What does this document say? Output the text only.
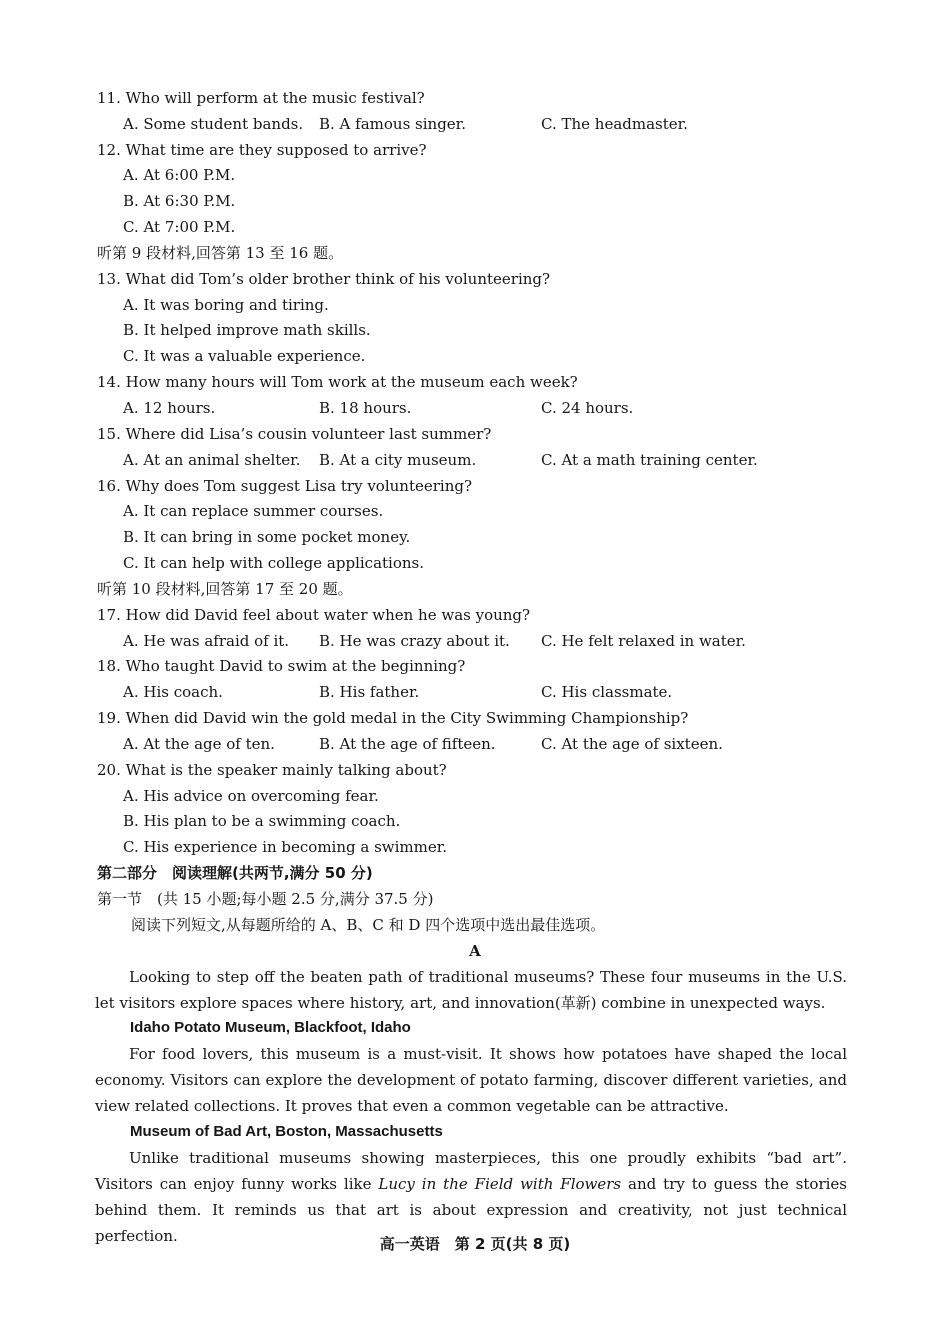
11. Who will perform at the music festival?
A. Some student bands. B. A famous singer.	C. The headmaster.
12. What time are they supposed to arrive?
A. At 6:00 P.M.
B. At 6:30 P.M.
C. At 7:00 P.M.
听第 9 段材料,回答第 13 至 16 题。
13. What did Tom’s older brother think of his volunteering?
A. It was boring and tiring.
B. It helped improve math skills.
C. It was a valuable experience.
14. How many hours will Tom work at the museum each week?
A. 12 hours.	B. 18 hours.	C. 24 hours.
15. Where did Lisa’s cousin volunteer last summer?
A. At an animal shelter. B. At a city museum.	C. At a math training center.
16. Why does Tom suggest Lisa try volunteering?
A. It can replace summer courses.
B. It can bring in some pocket money.
C. It can help with college applications.
听第 10 段材料,回答第 17 至 20 题。
17. How did David feel about water when he was young?
A. He was afraid of it. B. He was crazy about it. C. He felt relaxed in water.
18. Who taught David to swim at the beginning?
A. His coach.	B. His father.	C. His classmate.
19. When did David win the gold medal in the City Swimming Championship?
A. At the age of ten.	B. At the age of fifteen.	C. At the age of sixteen.
20. What is the speaker mainly talking about?
A. His advice on overcoming fear.
B. His plan to be a swimming coach.
C. His experience in becoming a swimmer.
第二部分　阅读理解(共两节,满分 50 分)
第一节　(共 15 小题;每小题 2.5 分,满分 37.5 分)
阅读下列短文,从每题所给的 A、B、C 和 D 四个选项中选出最佳选项。
A
Looking to step off the beaten path of traditional museums? These four museums in the U.S. let visitors explore spaces where history, art, and innovation(革新) combine in unexpected ways.
Idaho Potato Museum, Blackfoot, Idaho
For food lovers, this museum is a must-visit. It shows how potatoes have shaped the local economy. Visitors can explore the development of potato farming, discover different varieties, and view related collections. It proves that even a common vegetable can be attractive.
Museum of Bad Art, Boston, Massachusetts
Unlike traditional museums showing masterpieces, this one proudly exhibits “bad art”. Visitors can enjoy funny works like Lucy in the Field with Flowers and try to guess the stories behind them. It reminds us that art is about expression and creativity, not just technical perfection.	高一英语　第 2 页(共 8 页)
